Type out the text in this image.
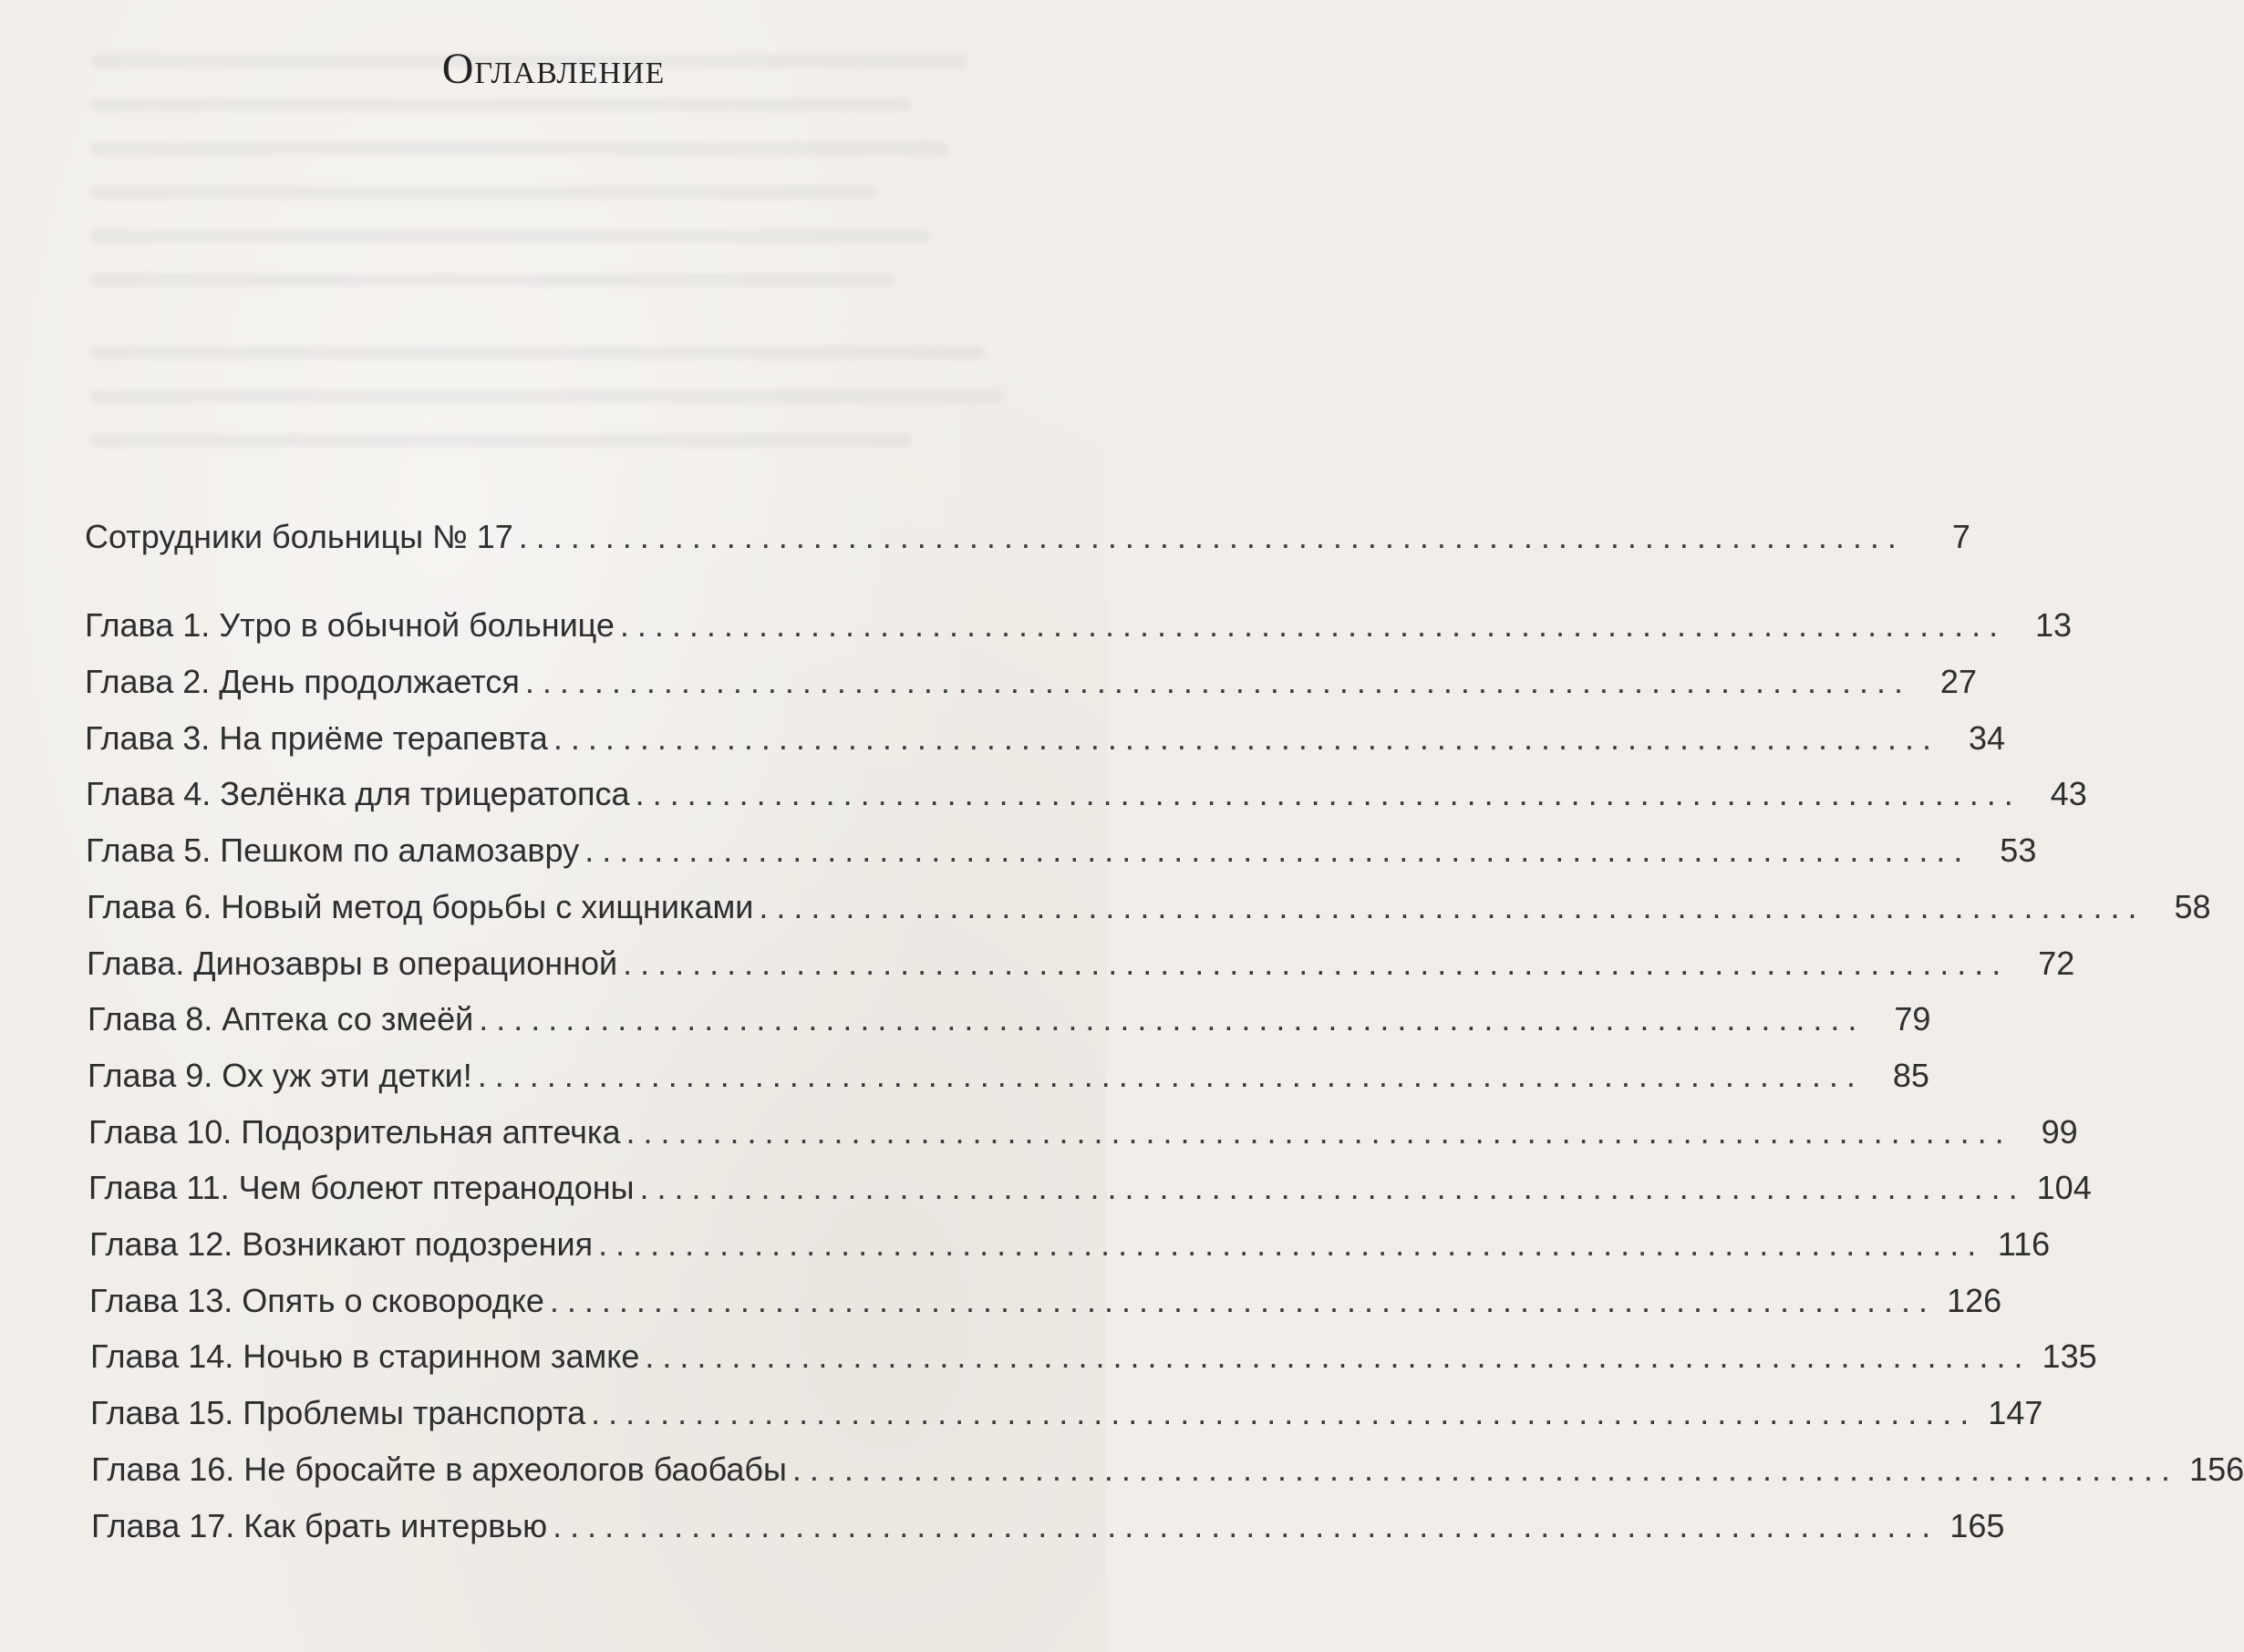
Оглавление
Сотрудники больницы № 17 ................................................................................	7
Глава 1. Утро в обычной больнице ................................................................................ 13
Глава 2. День продолжается ................................................................................ 27
Глава 3. На приёме терапевта ................................................................................ 34
Глава 4. Зелёнка для трицератопса ................................................................................ 43
Глава 5. Пешком по аламозавру ................................................................................ 53
Глава 6. Новый метод борьбы с хищниками ................................................................................ 58
Глава. Динозавры в операционной ................................................................................ 72
Глава 8. Аптека со змеёй ................................................................................ 79
Глава 9. Ох уж эти детки! ................................................................................ 85
Глава 10. Подозрительная аптечка ................................................................................ 99
Глава 11. Чем болеют птеранодоны ................................................................................ 104
Глава 12. Возникают подозрения ................................................................................ 116
Глава 13. Опять о сковородке ................................................................................ 126
Глава 14. Ночью в старинном замке ................................................................................ 135
Глава 15. Проблемы транспорта ................................................................................ 147
Глава 16. Не бросайте в археологов баобабы ................................................................................ 156
Глава 17. Как брать интервью ................................................................................ 165
